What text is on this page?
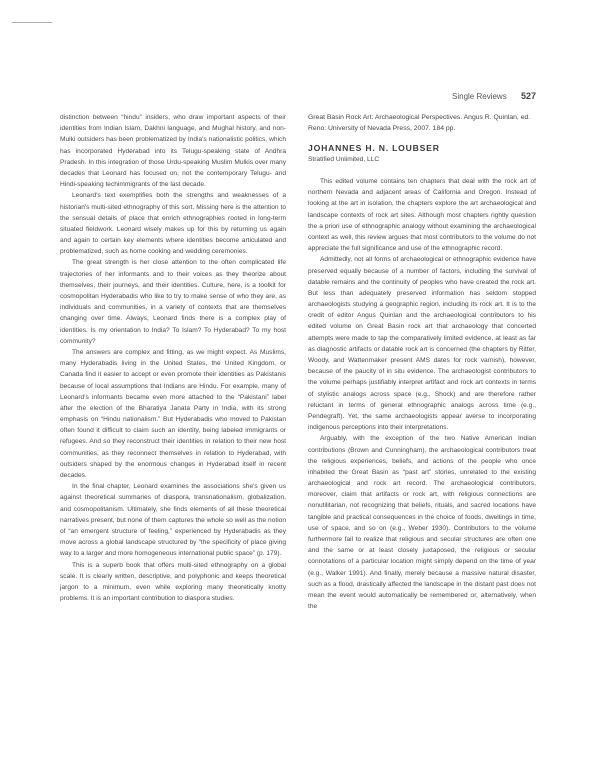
Single Reviews 527

distinction between “hindu” insiders, who draw important aspects of their identities from Indian Islam, Dakhni language, and Mughal history, and non-Mulki outsiders has been problematized by India's nationalistic politics, which has incorporated Hyderabad into its Telugu-speaking state of Andhra Pradesh. In this integration of those Urdu-speaking Muslim Mulkis over many decades that Leonard has focused on, not the contemporary Telugu- and Hindi-speaking techimmigrants of the last decade.

Leonard's text exemplifies both the strengths and weaknesses of a historian's multi-sited ethnography of this sort. Missing here is the attention to the sensual details of place that enrich ethnographies rooted in long-term situated fieldwork. Leonard wisely makes up for this by returning us again and again to certain key elements where identities become articulated and problematized, such as home cooking and wedding ceremonies.

The great strength is her close attention to the often complicated life trajectories of her informants and to their voices as they theorize about themselves, their journeys, and their identities. Culture, here, is a toolkit for cosmopolitan Hyderabadis who like to try to make sense of who they are, as individuals and communities, in a variety of contexts that are themselves changing over time. Always, Leonard finds there is a complex play of identities. Is my orientation to India? To Islam? To Hyderabad? To my host community?

The answers are complex and fitting, as we might expect. As Muslims, many Hyderabadis living in the United States, the United Kingdom, or Canada find it easier to accept or even promote their identities as Pakistanis because of local assumptions that Indians are Hindu. For example, many of Leonard's informants became even more attached to the “Pakistani” label after the election of the Bharatiya Janata Party in India, with its strong emphasis on “Hindu nationalism.” But Hyderabadis who moved to Pakistan often found it difficult to claim such an identity, being labeled immigrants or refugees. And so they reconstruct their identities in relation to their new host communities, as they reconnect themselves in relation to Hyderabad, with outsiders shaped by the enormous changes in Hyderabad itself in recent decades.

In the final chapter, Leonard examines the associations she's given us against theoretical summaries of diaspora, transnationalism, globalization, and cosmopolitanism. Ultimately, she finds elements of all these theoretical narratives present, but none of them captures the whole so well as the notion of “an emergent structure of feeling,” experienced by Hyderabadis as they move across a global landscape structured by “the specificity of place giving way to a larger and more homogeneous international public space” (p. 179).

This is a superb book that offers multi-sited ethnography on a global scale. It is clearly written, descriptive, and polyphonic and keeps theoretical jargon to a minimum, even while exploring many theoretically knotty problems. It is an important contribution to diaspora studies.

Great Basin Rock Art: Archaeological Perspectives. Angus R. Quinlan, ed. Reno: University of Nevada Press, 2007. 184 pp.
JOHANNES H. N. LOUBSER
Stratified Unlimited, LLC

This edited volume contains ten chapters that deal with the rock art of northern Nevada and adjacent areas of California and Oregon. Instead of looking at the art in isolation, the chapters explore the art archaeological and landscape contexts of rock art sites. Although most chapters rightly question the a priori use of ethnographic analogy without examining the archaeological context as well, this review argues that most contributors to the volume do not appreciate the full significance and use of the ethnographic record.

Admittedly, not all forms of archaeological or ethnographic evidence have preserved equally because of a number of factors, including the survival of datable remains and the continuity of peoples who have created the rock art. But less than adequately preserved information has seldom stopped archaeologists studying a geographic region, including its rock art. It is to the credit of editor Angus Quinlan and the archaeological contributors to his edited volume on Great Basin rock art that archaeology that concerted attempts were made to tap the comparatively limited evidence, at least as far as diagnostic artifacts or datable rock art is concerned (the chapters by Ritter, Woody, and Wattenmaker present AMS dates for rock varnish), however, because of the paucity of in situ evidence. The archaeologist contributors to the volume perhaps justifiably interpret artifact and rock art contexts in terms of stylistic analogs across space (e.g., Shock) and are therefore rather reluctant in terms of general ethnographic analogs across time (e.g., Pendegraft). Yet, the same archaeologists appear averse to incorporating indigenous perceptions into their interpretations.

Arguably, with the exception of the two Native American Indian contributions (Brown and Cunningham), the archaeological contributors treat the religious experiences, beliefs, and actions of the people who once inhabited the Great Basin as “past art” stories, unrelated to the existing archaeological and rock art record. The archaeological contributors, moreover, claim that artifacts or rock art, with religious connections are nonutilitarian, not recognizing that beliefs, rituals, and sacred locations have tangible and practical consequences in the choice of foods, dwellings in time, use of space, and so on (e.g., Weber 1930). Contributors to the volume furthermore fail to realize that religious and secular structures are often one and the same or at least closely juxtaposed, the religious or secular connotations of a particular location might simply depend on the time of year (e.g., Walker 1991). And finally, merely because a massive natural disaster, such as a flood, drastically affected the landscape in the distant past does not mean the event would automatically be remembered or, alternatively, when the
